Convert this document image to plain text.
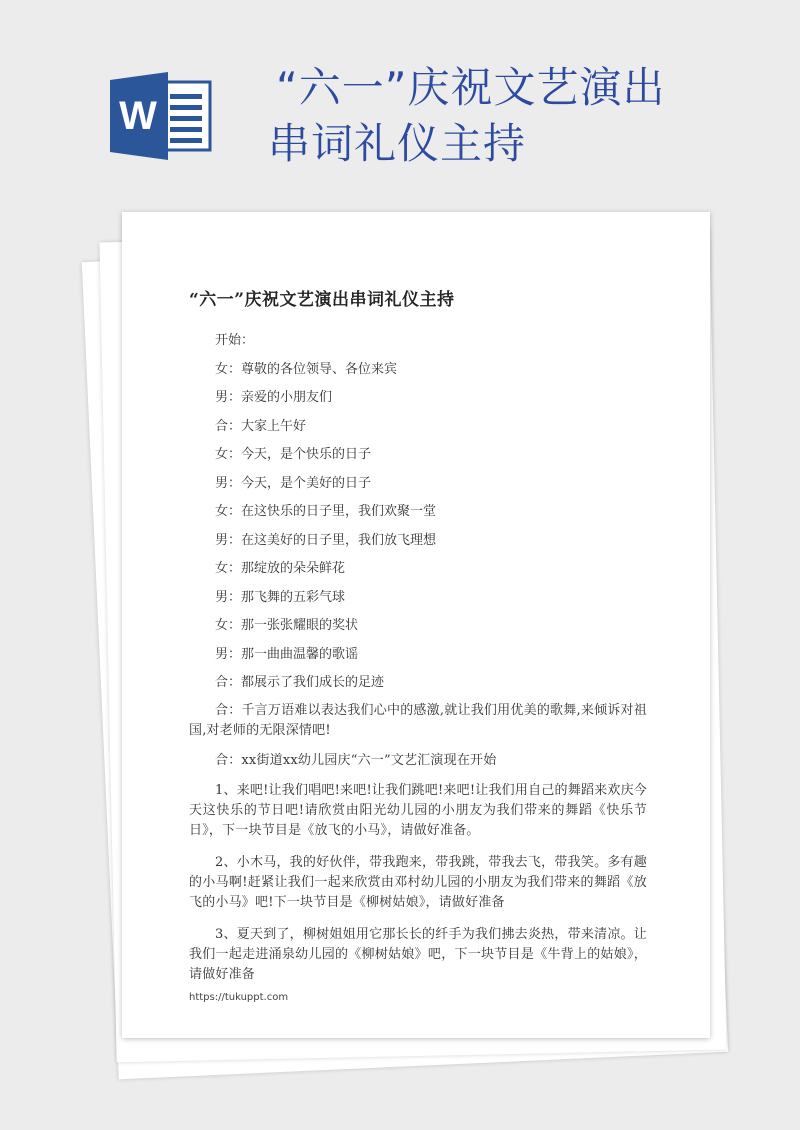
W
“六一”庆祝文艺演出
串词礼仪主持
“六一”庆祝文艺演出串词礼仪主持

开始：

女：尊敬的各位领导、各位来宾

男：亲爱的小朋友们

合：大家上午好

女：今天，是个快乐的日子

男：今天，是个美好的日子

女：在这快乐的日子里，我们欢聚一堂

男：在这美好的日子里，我们放飞理想

女：那绽放的朵朵鲜花

男：那飞舞的五彩气球

女：那一张张耀眼的奖状

男：那一曲曲温馨的歌谣

合：都展示了我们成长的足迹

合：千言万语难以表达我们心中的感激,就让我们用优美的歌舞,来倾诉对祖国,对老师的无限深情吧!

合：xx街道xx幼儿园庆“六一”文艺汇演现在开始

1、来吧!让我们唱吧!来吧!让我们跳吧!来吧!让我们用自己的舞蹈来欢庆今天这快乐的节日吧!请欣赏由阳光幼儿园的小朋友为我们带来的舞蹈《快乐节日》，下一块节目是《放飞的小马》，请做好准备。

2、小木马，我的好伙伴，带我跑来，带我跳，带我去飞，带我笑。多有趣的小马啊!赶紧让我们一起来欣赏由邓村幼儿园的小朋友为我们带来的舞蹈《放飞的小马》吧!下一块节目是《柳树姑娘》，请做好准备

3、夏天到了，柳树姐姐用它那长长的纤手为我们拂去炎热，带来清凉。让我们一起走进涌泉幼儿园的《柳树姑娘》吧，下一块节目是《牛背上的姑娘》，请做好准备

https://tukuppt.com
